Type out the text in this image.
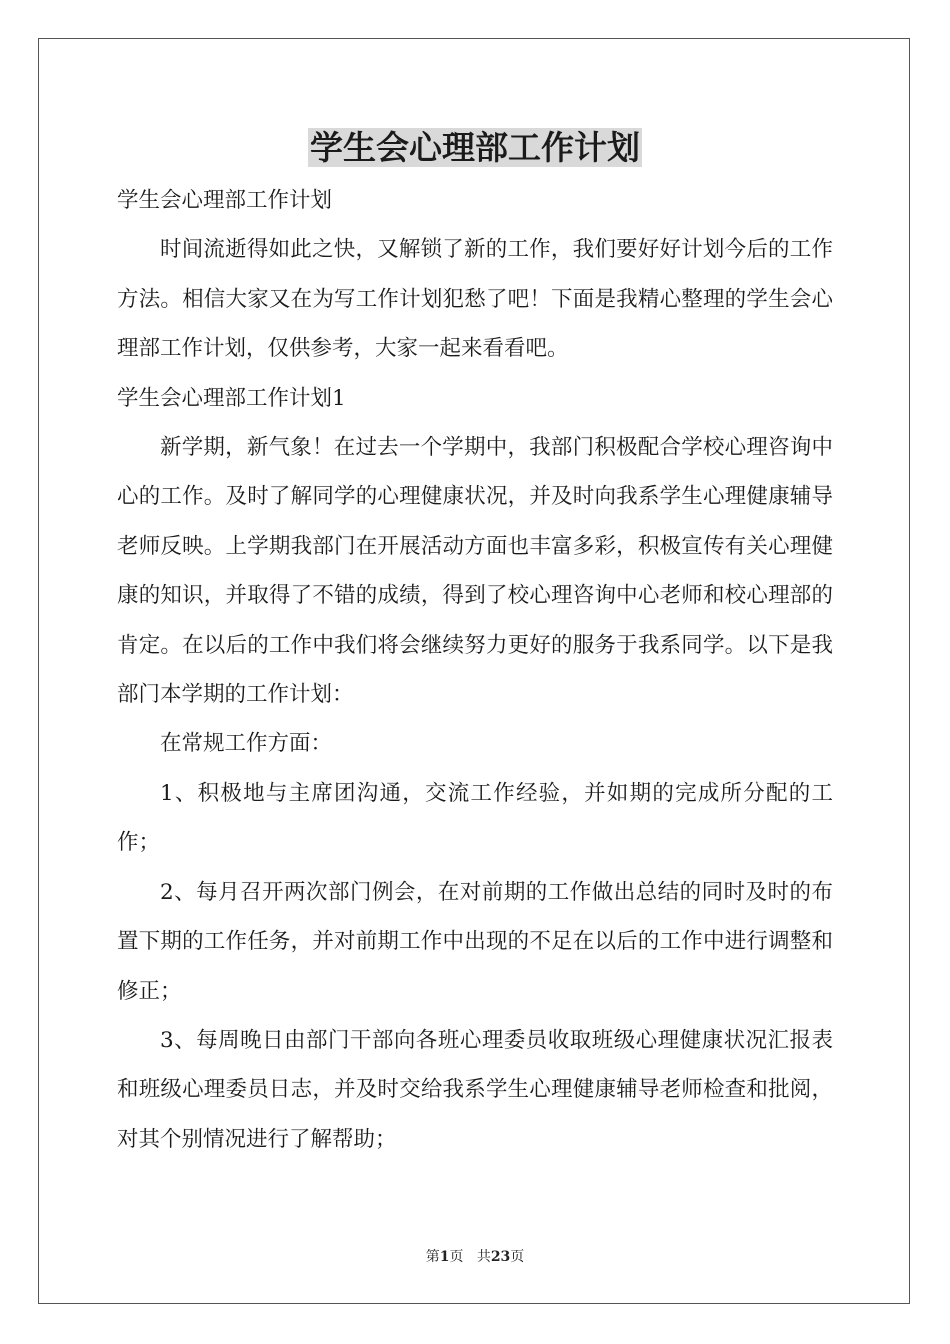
学生会心理部工作计划

学生会心理部工作计划

时间流逝得如此之快，又解锁了新的工作，我们要好好计划今后的工作方法。相信大家又在为写工作计划犯愁了吧！下面是我精心整理的学生会心理部工作计划，仅供参考，大家一起来看看吧。

学生会心理部工作计划1

新学期，新气象！在过去一个学期中，我部门积极配合学校心理咨询中心的工作。及时了解同学的心理健康状况，并及时向我系学生心理健康辅导老师反映。上学期我部门在开展活动方面也丰富多彩，积极宣传有关心理健康的知识，并取得了不错的成绩，得到了校心理咨询中心老师和校心理部的肯定。在以后的工作中我们将会继续努力更好的服务于我系同学。以下是我部门本学期的工作计划：

在常规工作方面：

1、积极地与主席团沟通，交流工作经验，并如期的完成所分配的工作；

2、每月召开两次部门例会，在对前期的工作做出总结的同时及时的布置下期的工作任务，并对前期工作中出现的不足在以后的工作中进行调整和修正；

3、每周晚日由部门干部向各班心理委员收取班级心理健康状况汇报表和班级心理委员日志，并及时交给我系学生心理健康辅导老师检查和批阅，对其个别情况进行了解帮助；

第1页 共23页
